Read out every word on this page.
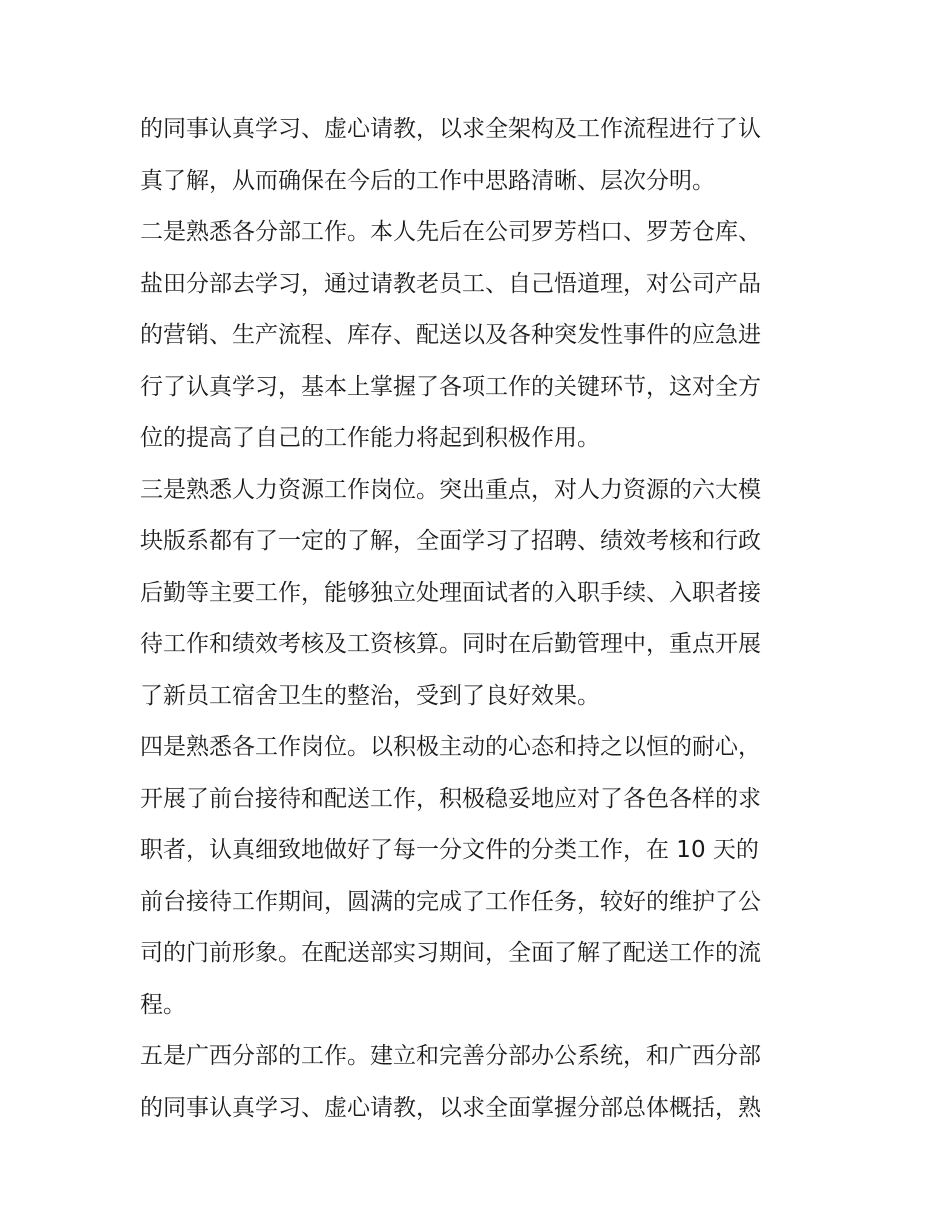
的同事认真学习、虚心请教，以求全架构及工作流程进行了认
真了解，从而确保在今后的工作中思路清晰、层次分明。
二是熟悉各分部工作。本人先后在公司罗芳档口、罗芳仓库、
盐田分部去学习，通过请教老员工、自己悟道理，对公司产品
的营销、生产流程、库存、配送以及各种突发性事件的应急进
行了认真学习，基本上掌握了各项工作的关键环节，这对全方
位的提高了自己的工作能力将起到积极作用。
三是熟悉人力资源工作岗位。突出重点，对人力资源的六大模
块版系都有了一定的了解，全面学习了招聘、绩效考核和行政
后勤等主要工作，能够独立处理面试者的入职手续、入职者接
待工作和绩效考核及工资核算。同时在后勤管理中，重点开展
了新员工宿舍卫生的整治，受到了良好效果。
四是熟悉各工作岗位。以积极主动的心态和持之以恒的耐心，
开展了前台接待和配送工作，积极稳妥地应对了各色各样的求
职者，认真细致地做好了每一分文件的分类工作，在 10 天的
前台接待工作期间，圆满的完成了工作任务，较好的维护了公
司的门前形象。在配送部实习期间，全面了解了配送工作的流
程。
五是广西分部的工作。建立和完善分部办公系统，和广西分部
的同事认真学习、虚心请教，以求全面掌握分部总体概括，熟
